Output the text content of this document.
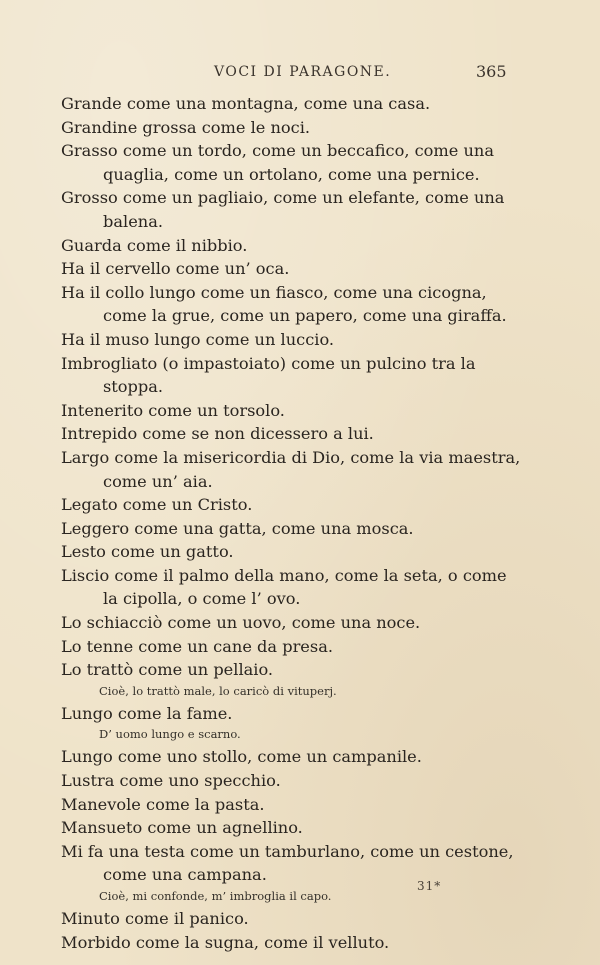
VOCI DI PARAGONE.	365

Grande come una montagna, come una casa.

Grandine grossa come le noci.

Grasso come un tordo, come un beccafico, come una quaglia, come un ortolano, come una pernice.

Grosso come un pagliaio, come un elefante, come una balena.

Guarda come il nibbio.

Ha il cervello come un’ oca.

Ha il collo lungo come un fiasco, come una cicogna, come la grue, come un papero, come una giraffa.

Ha il muso lungo come un luccio.

Imbrogliato (o impastoiato) come un pulcino tra la stoppa.

Intenerito come un torsolo.

Intrepido come se non dicessero a lui.

Largo come la misericordia di Dio, come la via maestra, come un’ aia.

Legato come un Cristo.

Leggero come una gatta, come una mosca.

Lesto come un gatto.

Liscio come il palmo della mano, come la seta, o come la cipolla, o come l’ ovo.

Lo schiacciò come un uovo, come una noce.

Lo tenne come un cane da presa.

Lo trattò come un pellaio.

Cioè, lo trattò male, lo caricò di vituperj.

Lungo come la fame.

D’ uomo lungo e scarno.

Lungo come uno stollo, come un campanile.

Lustra come uno specchio.

Manevole come la pasta.

Mansueto come un agnellino.

Mi fa una testa come un tamburlano, come un cestone, come una campana.

Cioè, mi confonde, m’ imbroglia il capo.

Minuto come il panico.

Morbido come la sugna, come il velluto.

31*
